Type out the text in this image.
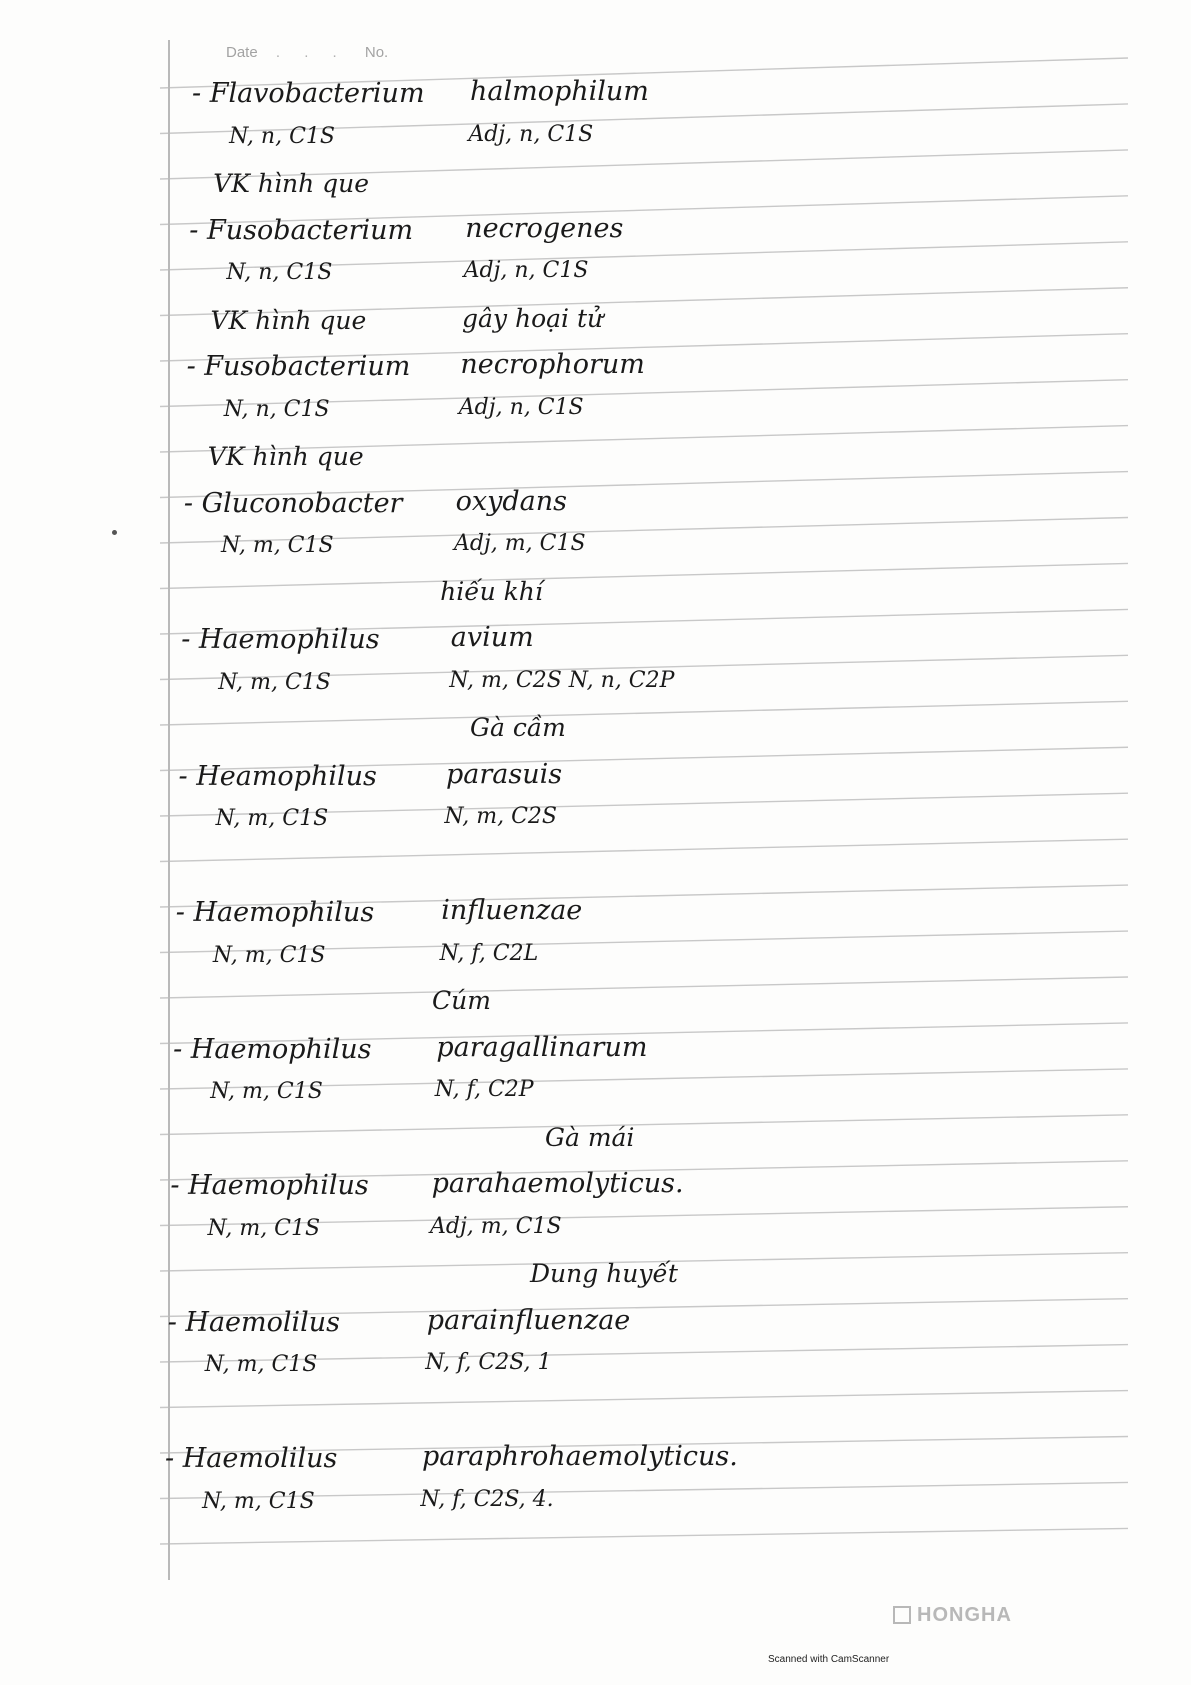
Date . . . No.
- Flavobacterium halmophilum
N, n, C1S	Adj, n, C1S
VK hình que
- Fusobacterium necrogenes
N, n, C1S	Adj, n, C1S
VK hình que	gây hoại tử
- Fusobacterium necrophorum
N, n, C1S	Adj, n, C1S
VK hình que
- Gluconobacter oxydans
N, m, C1S	Adj, m, C1S
hiếu khí
- Haemophilus	avium
N, m, C1S	N, m, C2S N, n, C2P
Gà cầm
- Heamophilus	parasuis
N, m, C1S	N, m, C2S
- Haemophilus influenzae
N, m, C1S	N, f, C2L
Cúm
- Haemophilus paragallinarum
N, m, C1S	N, f, C2P
Gà mái
- Haemophilus parahaemolyticus.
N, m, C1S	Adj, m, C1S
Dung huyết
- Haemolilus	parainfluenzae
N, m, C1S	N, f, C2S, 1
- Haemolilus	paraphrohaemolyticus.
N, m, C1S	N, f, C2S, 4.
HONGHA
Scanned with CamScanner
